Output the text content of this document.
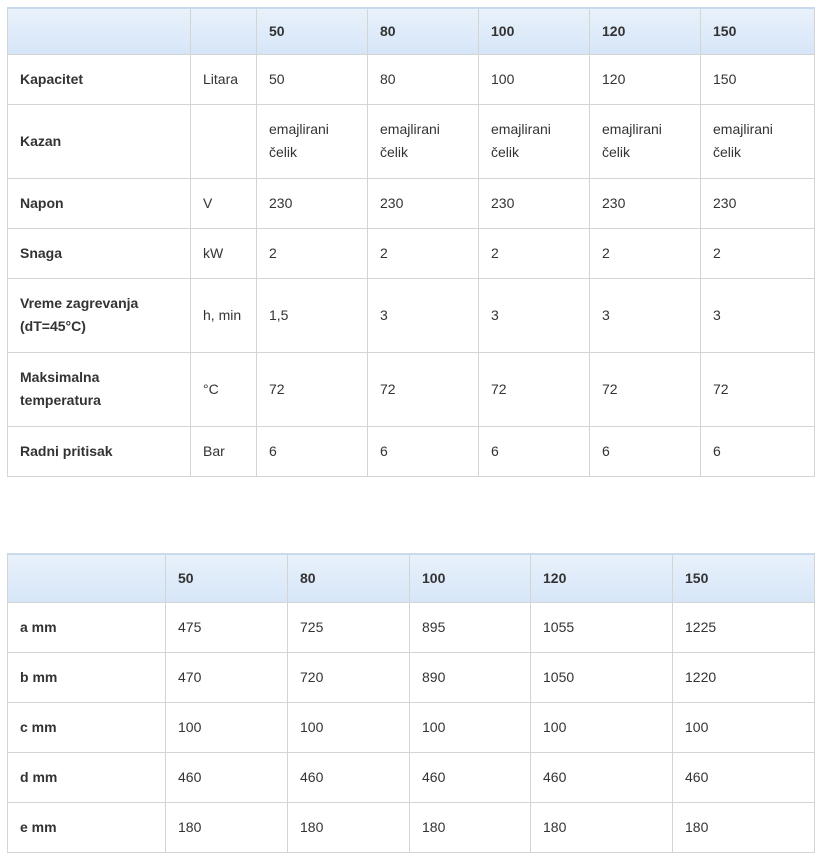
		50	80	100	120	150
Kapacitet	Litara	50	80	100	120	150
Kazan		emajlirani čelik	emajlirani čelik	emajlirani čelik	emajlirani čelik	emajlirani čelik
Napon	V	230	230	230	230	230
Snaga	kW	2	2	2	2	2
Vreme zagrevanja (dT=45°C)	h, min	1,5	3	3	3	3
Maksimalna temperatura	°C	72	72	72	72	72
Radni pritisak	Bar	6	6	6	6	6
	50	80	100	120	150
a mm	475	725	895	1055	1225
b mm	470	720	890	1050	1220
c mm	100	100	100	100	100
d mm	460	460	460	460	460
e mm	180	180	180	180	180
